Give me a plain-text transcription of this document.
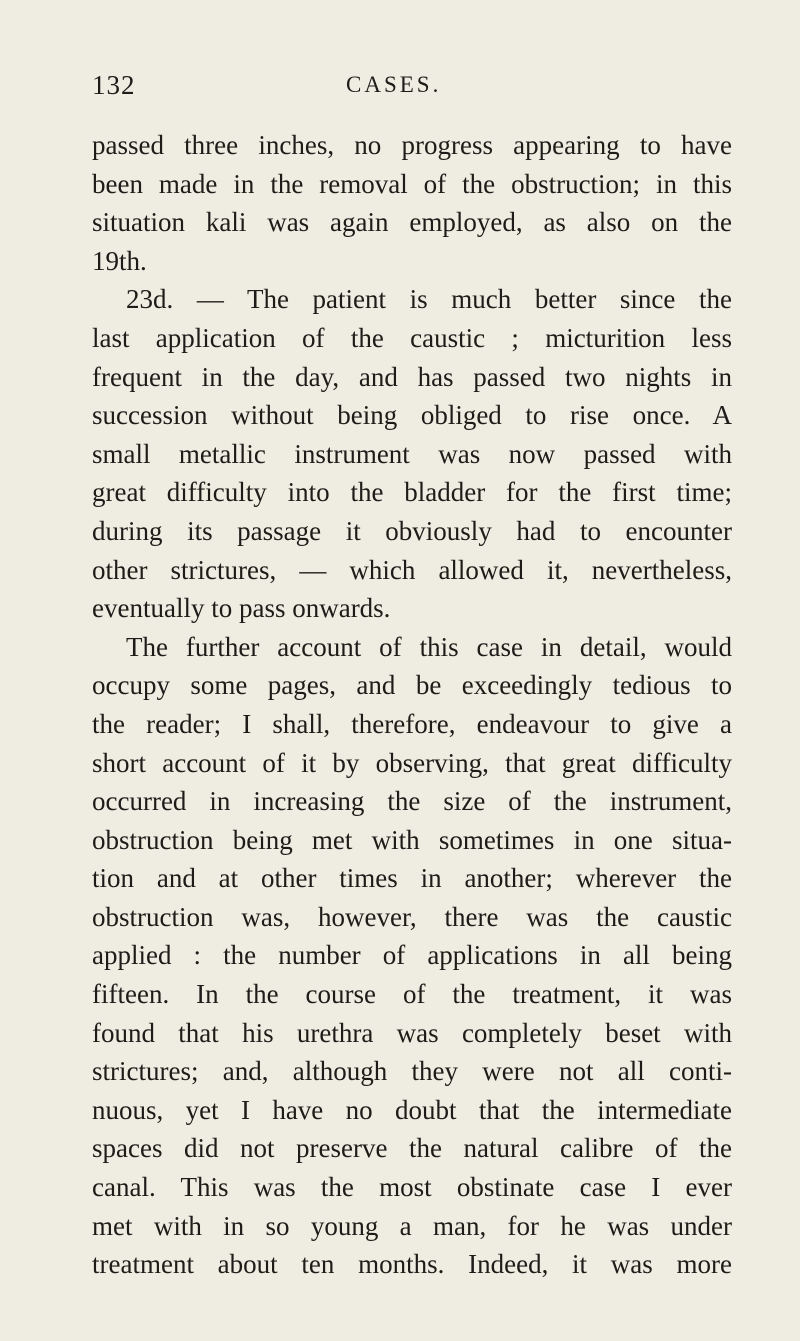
132	CASES.
passed three inches, no progress appearing to have
been made in the removal of the obstruction; in this
situation kali was again employed, as also on the
19th.
23d. — The patient is much better since the
last application of the caustic ; micturition less
frequent in the day, and has passed two nights in
succession without being obliged to rise once. A
small metallic instrument was now passed with
great difficulty into the bladder for the first time;
during its passage it obviously had to encounter
other strictures, — which allowed it, nevertheless,
eventually to pass onwards.
The further account of this case in detail, would
occupy some pages, and be exceedingly tedious to
the reader; I shall, therefore, endeavour to give a
short account of it by observing, that great difficulty
occurred in increasing the size of the instrument,
obstruction being met with sometimes in one situa-
tion and at other times in another; wherever the
obstruction was, however, there was the caustic
applied : the number of applications in all being
fifteen. In the course of the treatment, it was
found that his urethra was completely beset with
strictures; and, although they were not all conti-
nuous, yet I have no doubt that the intermediate
spaces did not preserve the natural calibre of the
canal. This was the most obstinate case I ever
met with in so young a man, for he was under
treatment about ten months. Indeed, it was more
